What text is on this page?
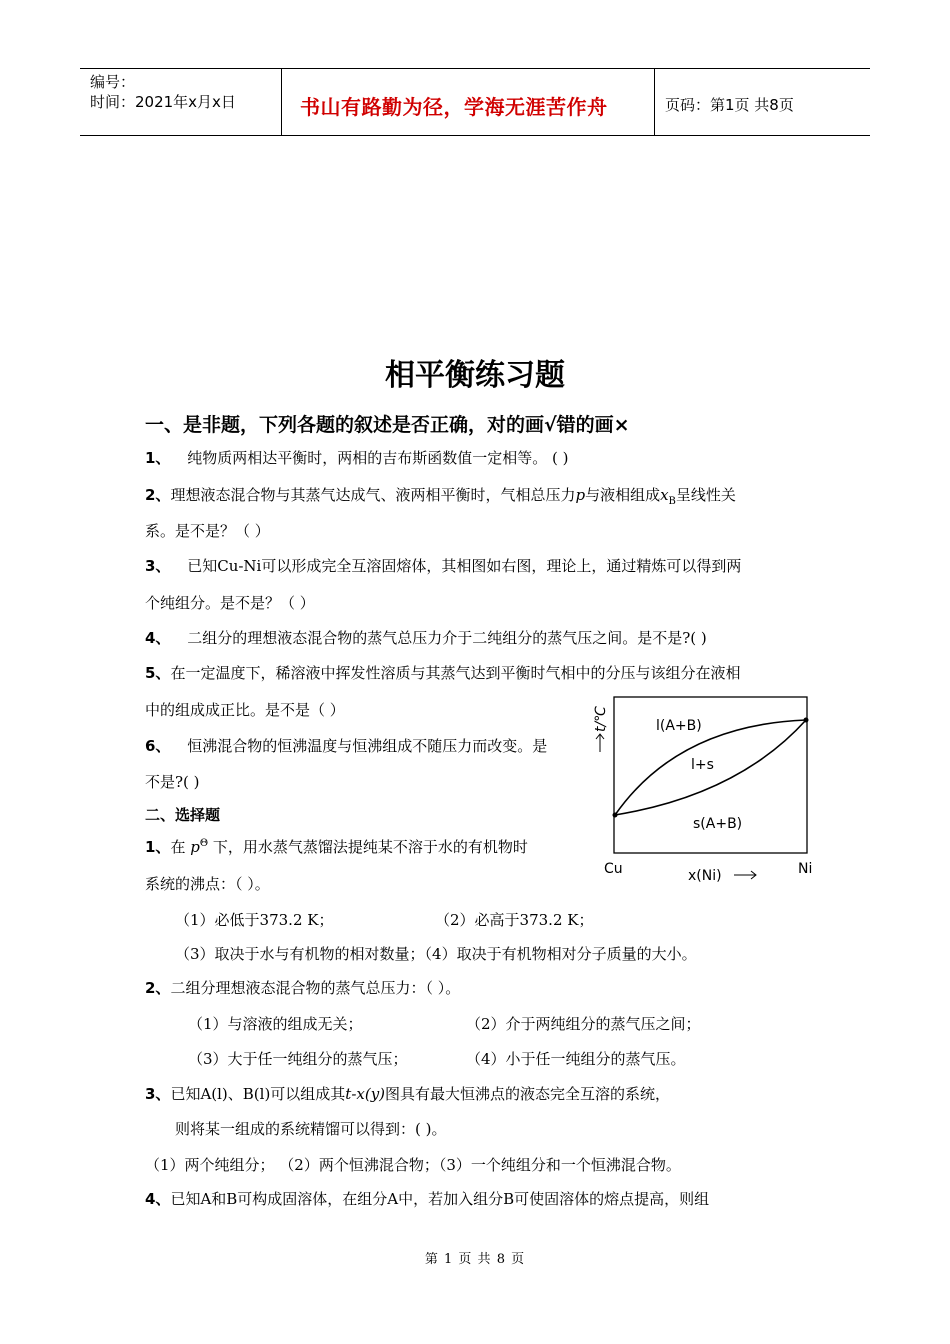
编号：
时间：2021年x月x日	书山有路勤为径，学海无涯苦作舟	页码：第1页 共8页
相平衡练习题
一、是非题，下列各题的叙述是否正确，对的画√错的画×
1、 纯物质两相达平衡时，两相的吉布斯函数值一定相等。 ( )
2、理想液态混合物与其蒸气达成气、液两相平衡时，气相总压力p与液相组成$x_B$呈线性关
系。是不是？（ ）
3、 已知Cu-Ni可以形成完全互溶固熔体，其相图如右图，理论上，通过精炼可以得到两
个纯组分。是不是？（ ）
4、 二组分的理想液态混合物的蒸气总压力介于二纯组分的蒸气压之间。是不是?( )
5、在一定温度下，稀溶液中挥发性溶质与其蒸气达到平衡时气相中的分压与该组分在液相
中的组成成正比。是不是（ ）
6、 恒沸混合物的恒沸温度与恒沸组成不随压力而改变。是
不是?( )
二、选择题
1、在 $p^\Theta$ 下，用水蒸气蒸馏法提纯某不溶于水的有机物时
系统的沸点：（ ）。
（1）必低于373.2 K；	（2）必高于373.2 K；
（3）取决于水与有机物的相对数量；（4）取决于有机物相对分子质量的大小。
2、二组分理想液态混合物的蒸气总压力：（ ）。
（1）与溶液的组成无关；	（2）介于两纯组分的蒸气压之间；
（3）大于任一纯组分的蒸气压；	（4）小于任一纯组分的蒸气压。
3、已知A(l)、B(l)可以组成其t-x(y)图具有最大恒沸点的液态完全互溶的系统，
则将某一组成的系统精馏可以得到：( )。
（1）两个纯组分； （2）两个恒沸混合物；（3）一个纯组分和一个恒沸混合物。
4、已知A和B可构成固溶体，在组分A中，若加入组分B可使固溶体的熔点提高，则组
l(A+B)
l+s
s(A+B)
Cu	Ni
x(Ni)
t/℃
第 1 页 共 8 页
